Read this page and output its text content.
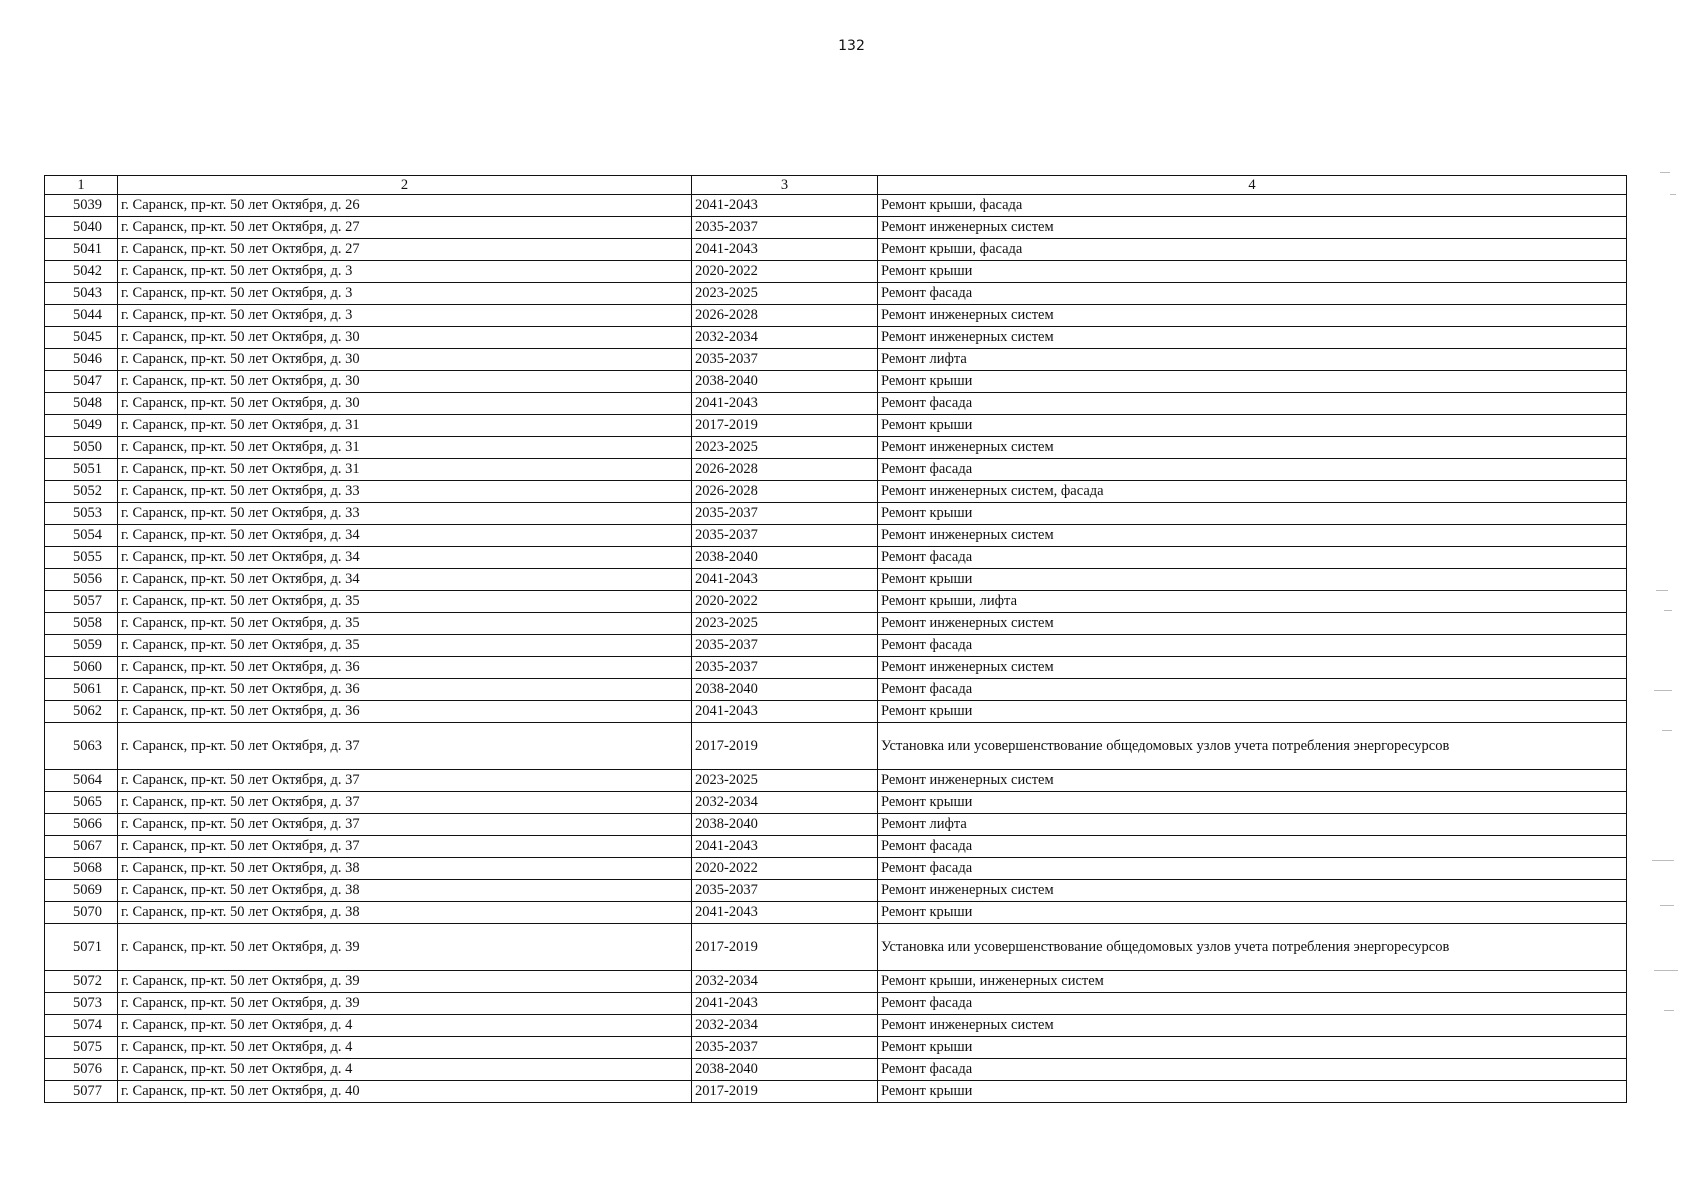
132
1	2	3	4
5039	г. Саранск, пр-кт. 50 лет Октября, д. 26	2041-2043	Ремонт крыши, фасада
5040	г. Саранск, пр-кт. 50 лет Октября, д. 27	2035-2037	Ремонт инженерных систем
5041	г. Саранск, пр-кт. 50 лет Октября, д. 27	2041-2043	Ремонт крыши, фасада
5042	г. Саранск, пр-кт. 50 лет Октября, д. 3	2020-2022	Ремонт крыши
5043	г. Саранск, пр-кт. 50 лет Октября, д. 3	2023-2025	Ремонт фасада
5044	г. Саранск, пр-кт. 50 лет Октября, д. 3	2026-2028	Ремонт инженерных систем
5045	г. Саранск, пр-кт. 50 лет Октября, д. 30	2032-2034	Ремонт инженерных систем
5046	г. Саранск, пр-кт. 50 лет Октября, д. 30	2035-2037	Ремонт лифта
5047	г. Саранск, пр-кт. 50 лет Октября, д. 30	2038-2040	Ремонт крыши
5048	г. Саранск, пр-кт. 50 лет Октября, д. 30	2041-2043	Ремонт фасада
5049	г. Саранск, пр-кт. 50 лет Октября, д. 31	2017-2019	Ремонт крыши
5050	г. Саранск, пр-кт. 50 лет Октября, д. 31	2023-2025	Ремонт инженерных систем
5051	г. Саранск, пр-кт. 50 лет Октября, д. 31	2026-2028	Ремонт фасада
5052	г. Саранск, пр-кт. 50 лет Октября, д. 33	2026-2028	Ремонт инженерных систем, фасада
5053	г. Саранск, пр-кт. 50 лет Октября, д. 33	2035-2037	Ремонт крыши
5054	г. Саранск, пр-кт. 50 лет Октября, д. 34	2035-2037	Ремонт инженерных систем
5055	г. Саранск, пр-кт. 50 лет Октября, д. 34	2038-2040	Ремонт фасада
5056	г. Саранск, пр-кт. 50 лет Октября, д. 34	2041-2043	Ремонт крыши
5057	г. Саранск, пр-кт. 50 лет Октября, д. 35	2020-2022	Ремонт крыши, лифта
5058	г. Саранск, пр-кт. 50 лет Октября, д. 35	2023-2025	Ремонт инженерных систем
5059	г. Саранск, пр-кт. 50 лет Октября, д. 35	2035-2037	Ремонт фасада
5060	г. Саранск, пр-кт. 50 лет Октября, д. 36	2035-2037	Ремонт инженерных систем
5061	г. Саранск, пр-кт. 50 лет Октября, д. 36	2038-2040	Ремонт фасада
5062	г. Саранск, пр-кт. 50 лет Октября, д. 36	2041-2043	Ремонт крыши
5063	г. Саранск, пр-кт. 50 лет Октября, д. 37	2017-2019	Установка или усовершенствование общедомовых узлов учета потребления энергоресурсов
5064	г. Саранск, пр-кт. 50 лет Октября, д. 37	2023-2025	Ремонт инженерных систем
5065	г. Саранск, пр-кт. 50 лет Октября, д. 37	2032-2034	Ремонт крыши
5066	г. Саранск, пр-кт. 50 лет Октября, д. 37	2038-2040	Ремонт лифта
5067	г. Саранск, пр-кт. 50 лет Октября, д. 37	2041-2043	Ремонт фасада
5068	г. Саранск, пр-кт. 50 лет Октября, д. 38	2020-2022	Ремонт фасада
5069	г. Саранск, пр-кт. 50 лет Октября, д. 38	2035-2037	Ремонт инженерных систем
5070	г. Саранск, пр-кт. 50 лет Октября, д. 38	2041-2043	Ремонт крыши
5071	г. Саранск, пр-кт. 50 лет Октября, д. 39	2017-2019	Установка или усовершенствование общедомовых узлов учета потребления энергоресурсов
5072	г. Саранск, пр-кт. 50 лет Октября, д. 39	2032-2034	Ремонт крыши, инженерных систем
5073	г. Саранск, пр-кт. 50 лет Октября, д. 39	2041-2043	Ремонт фасада
5074	г. Саранск, пр-кт. 50 лет Октября, д. 4	2032-2034	Ремонт инженерных систем
5075	г. Саранск, пр-кт. 50 лет Октября, д. 4	2035-2037	Ремонт крыши
5076	г. Саранск, пр-кт. 50 лет Октября, д. 4	2038-2040	Ремонт фасада
5077	г. Саранск, пр-кт. 50 лет Октября, д. 40	2017-2019	Ремонт крыши
